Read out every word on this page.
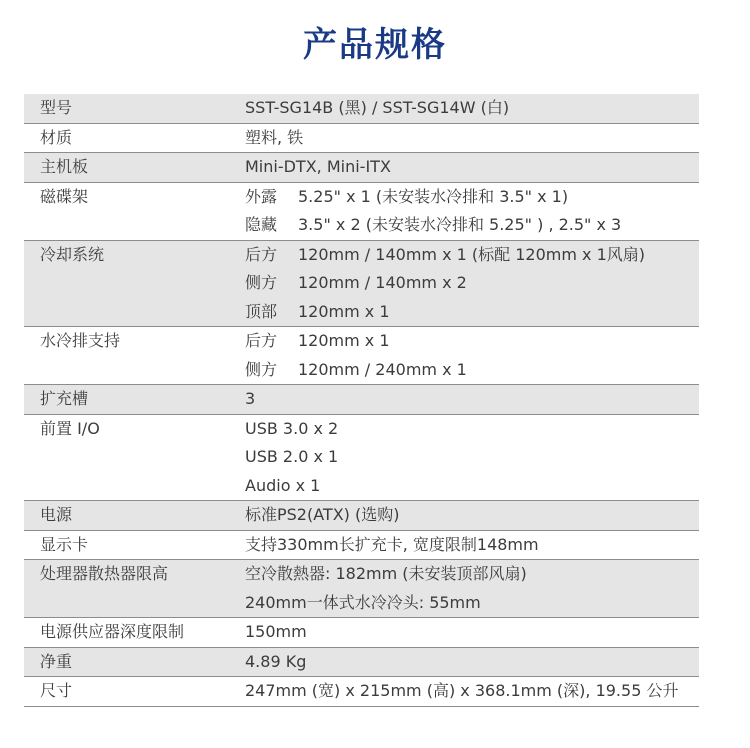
产品规格
型号	SST-SG14B (黑) / SST-SG14W (白)
材质	塑料, 铁
主机板	Mini-DTX, Mini-ITX
磁碟架	外露 5.25" x 1 (未安装水冷排和 3.5" x 1)
隐藏 3.5" x 2 (未安装水冷排和 5.25" ) , 2.5" x 3
冷却系统	后方 120mm / 140mm x 1 (标配 120mm x 1风扇)
侧方 120mm / 140mm x 2
顶部 120mm x 1
水冷排支持	后方 120mm x 1
侧方 120mm / 240mm x 1
扩充槽	3
前置 I/O	USB 3.0 x 2
USB 2.0 x 1
Audio x 1
电源	标准PS2(ATX) (选购)
显示卡	支持330mm长扩充卡, 宽度限制148mm
处理器散热器限高	空冷散熱器: 182mm (未安装顶部风扇)
240mm一体式水冷冷头: 55mm
电源供应器深度限制	150mm
净重	4.89 Kg
尺寸	247mm (宽) x 215mm (高) x 368.1mm (深), 19.55 公升
